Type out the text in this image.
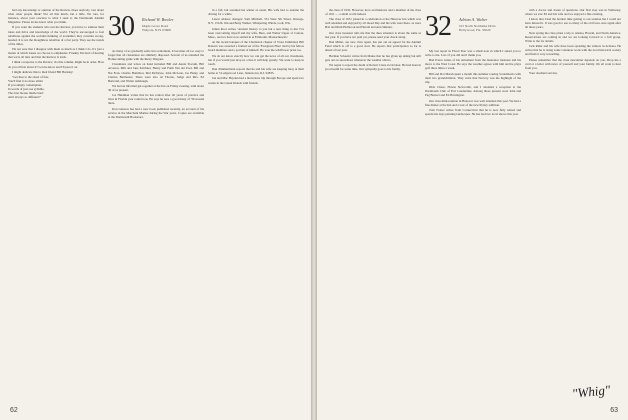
had any knowledge or opinion of the Review. Does anybody care about what other people think? Not all that much, but a little. We care, for instance, about your reaction to what I send to the Dartmouth Alumni Magazine. Please let me know what you think.

If you want the students who run the Review, you have to address their ideas and drive and knowledge of the world. They're encouraged to feel rebellious against the socialist thinking of academics they consider wrong-headed. It is not the thoughtless rebellion of a frat party. They see the trends of the times.

I'm not sure that I disagree with them as much as I think I do. It's just a matter of which issues we choose to emphasize. Frankly I'm tired of hearing that we're all liars and that the Review is trash.

I think a response to the Review, via this column, might be in order. How do you all feel about it? Let me know and I'll pass it on.

I might dedicate this to their friend Bill Buckley:

"Get thee to the street of fear,
You'll find it no more elitist
If you simply contemplate,
In words of just one syllable,
The lone mouse intellectual:
Ain't always so different!"

30 Richard W. Bowler
Maple Grove Road
Walpole, N.H. 03608

As many of us gradually settle into retirement, it becomes all too easy to forget that all classmates are similarly disposed. Several of us attended the Homecoming game with the Rusty Dragons.

Classmates and wives on hand included Bill and Annie Slocum, Bill Arveson, Milt and Jane Kirchner, Henry and Faith Van der Poel, Bill and Nat Fern, Charlie Hamilton, Mal McIntyre, John McLean, Joe Haley, and Charles Bertheaux. There were also Al Thorne, Judge and Mrs. Ed Bertrand, and Walter Ashbaugh.

We had an informal get-together at the Inn on Friday evening, with about 30 of us present.

Joe Hindman writes that he has retired after 40 years of practice and lives in Florida year round now. He says he sees a good many of '30 around there.

Don Gleason has had a new book published recently, an account of his service in the Merchant Marine during the War years. Copies are available at the Dartmouth Bookstore.

in a fall, but resumed his winter as usual. His wife had to assume the driving for a while.

Latest address changes: Sam Mitchell, 531 West 5th Street, Oswego, N.Y. 13126. Jim and Betty Walker, Whispering Winds, Lodi, Wis.

Julien Root writes, 'Ancient history to you but a new thing to me: I've been overcoming myself and my wife, Bess, and Walter Upper of Canton, Mass., and we have now settled in at Falmouth, Massachusetts.'

At the recent banquet of the Charleston chapter of Trout Unlimited, Bill Roberts was awarded a framed set of the 'Evergreen Flies' tied by his fellow board members and a portrait of himself. He won the wildflower prize too.

We do not know exactly how we can get the news of all our classmates, but if you would just drop us a line it will help greatly. We want to keep in touch.

Dan Zimmermann reports that he and his wife are keeping busy at their home at 3 Ledgewood Lane, Jamestown, R.I. 02835.

Jan and Mac Hayden had a marvelous trip through Europe and spent two weeks in the Greek Islands with friends.

62

the class of 1932. However, he is an illustrator and a member of the class of 1911 — a small world indeed.

The class of 1931 joined in a celebration at the Hanover Inn which was well attended and enjoyed by all. Reed Day and his wife were there, as were Bob and Ruth Holbrook and Harold and Ann Skinner.

Our class treasurer tells me that the dues situation is about the same as last year. If you have not paid yet, please send your check along.

Dan Miller, our new class agent, has put out an appeal for the Alumni Fund which is off to a good start. He reports that participation so far is ahead of last year.

Herman Schaefer writes from Maine that he has given up skiing but still gets out on snowshoes whenever the weather allows.

We regret to report the death of Robert Crane in October. He had been in poor health for some time. Our sympathy goes to his family.

32 Adrian A. Walter
915 North Northlake Drive
Hollywood, Fla. 33020

My last report in Fiscal Year was a small note in which I asked you to write to me. Lots of you did and I thank you.

Bud Eaton writes of his retirement from the insurance business and his move to the West Coast. He says the weather agrees with him and he plays golf three times a week.

Bill and Dot Marsh spent a month this summer touring Scandinavia with their two grandchildren. They write that Norway was the highlight of the trip.

Dick Chase, Howie Newcomb, and I attended a reception at the Dartmouth Club of Fort Lauderdale. Among those present were John and Peg Brewer and Ed Harrington.

Our class mini-reunion in Hanover was well attended this year. We had a fine dinner at the Inn and a tour of the new library addition.

Tom Trotter writes from Connecticut that he is now fully retired and spends his days painting landscapes. He has had two local shows this year.

with a doctor and dozen of questions. Our first stop was in Wellesley, where we saw Ed and his wife and we enjoyed a fine evening.

I know that I had the hardest time getting to our reunion but I could not have missed it. It was good to see so many of the old faces once again after all these years.

Next spring the class plans a trip to Alaska, Hawaii, and North America. Reservations are coming in and we are looking forward to a full group. Write to me for details.

Jack Rider and his wife have been spending the winters in Arizona. He writes that he is doing some volunteer work with the local historical society and finds it very rewarding.

Please remember that the class newsletter depends on you. Drop me a card or a letter with news of yourself and your family. We all want to hear from you.

Your obedient servant,

"Whig"
63
